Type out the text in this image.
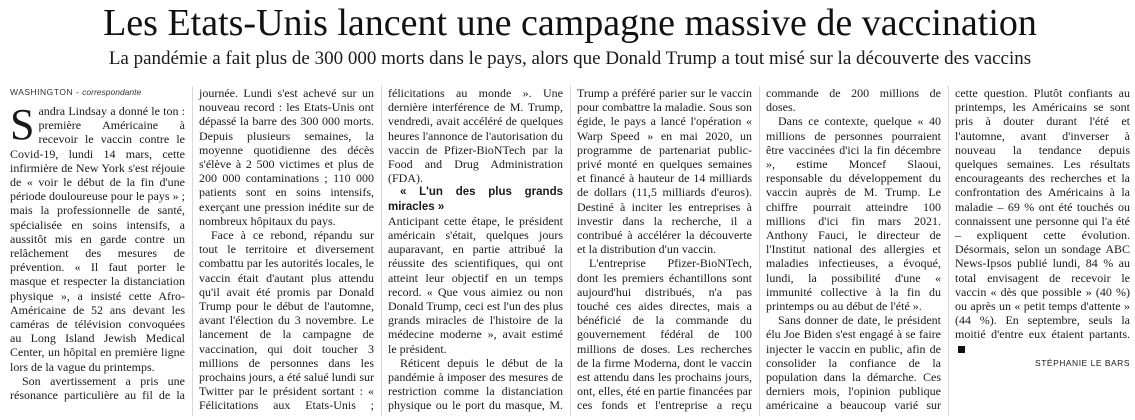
Les Etats-Unis lancent une campagne massive de vaccination
La pandémie a fait plus de 300 000 morts dans le pays, alors que Donald Trump a tout misé sur la découverte des vaccins
WASHINGTON - correspondante

Sandra Lindsay a donné le ton : première Américaine à recevoir le vaccin contre le Covid-19, lundi 14 mars, cette infirmière de New York s'est réjouie de « voir le début de la fin d'une période douloureuse pour le pays » ; mais la professionnelle de santé, spécialisée en soins intensifs, a aussitôt mis en garde contre un relâchement des mesures de prévention. « Il faut porter le masque et respecter la distanciation physique », a insisté cette Afro-Américaine de 52 ans devant les caméras de télévision convoquées au Long Island Jewish Medical Center, un hôpital en première ligne lors de la vague du printemps.

Son avertissement a pris une résonance particulière au fil de la journée. Lundi s'est achevé sur un nouveau record : les Etats-Unis ont dépassé la barre des 300 000 morts. Depuis plusieurs semaines, la moyenne quotidienne des décès s'élève à 2 500 victimes et plus de 200 000 contaminations ; 110 000 patients sont en soins intensifs, exerçant une pression inédite sur de nombreux hôpitaux du pays.

Face à ce rebond, répandu sur tout le territoire et diversement combattu par les autorités locales, le vaccin était d'autant plus attendu qu'il avait été promis par Donald Trump pour le début de l'automne, avant l'élection du 3 novembre. Le lancement de la campagne de vaccination, qui doit toucher 3 millions de personnes dans les prochains jours, a été salué lundi sur Twitter par le président sortant : « Félicitations aux Etats-Unis ; félicitations au monde ». Une dernière interférence de M. Trump, vendredi, avait accéléré de quelques heures l'annonce de l'autorisation du vaccin de Pfizer-BioNTech par la Food and Drug Administration (FDA).

« L'un des plus grands miracles »

Anticipant cette étape, le président américain s'était, quelques jours auparavant, en partie attribué la réussite des scientifiques, qui ont atteint leur objectif en un temps record. « Que vous aimiez ou non Donald Trump, ceci est l'un des plus grands miracles de l'histoire de la médecine moderne », avait estimé le président.

Réticent depuis le début de la pandémie à imposer des mesures de restriction comme la distanciation physique ou le port du masque, M. Trump a préféré parier sur le vaccin pour combattre la maladie. Sous son égide, le pays a lancé l'opération « Warp Speed » en mai 2020, un programme de partenariat public-privé monté en quelques semaines et financé à hauteur de 14 milliards de dollars (11,5 milliards d'euros). Destiné à inciter les entreprises à investir dans la recherche, il a contribué à accélérer la découverte et la distribution d'un vaccin.

L'entreprise Pfizer-BioNTech, dont les premiers échantillons sont aujourd'hui distribués, n'a pas touché ces aides directes, mais a bénéficié de la commande du gouvernement fédéral de 100 millions de doses. Les recherches de la firme Moderna, dont le vaccin est attendu dans les prochains jours, ont, elles, été en partie financées par ces fonds et l'entreprise a reçu commande de 200 millions de doses.

Dans ce contexte, quelque « 40 millions de personnes pourraient être vaccinées d'ici la fin décembre », estime Moncef Slaoui, responsable du développement du vaccin auprès de M. Trump. Le chiffre pourrait atteindre 100 millions d'ici fin mars 2021. Anthony Fauci, le directeur de l'Institut national des allergies et maladies infectieuses, a évoqué, lundi, la possibilité d'une « immunité collective à la fin du printemps ou au début de l'été ».

Sans donner de date, le président élu Joe Biden s'est engagé à se faire injecter le vaccin en public, afin de consolider la confiance de la population dans la démarche. Ces derniers mois, l'opinion publique américaine a beaucoup varié sur cette question. Plutôt confiants au printemps, les Américains se sont pris à douter durant l'été et l'automne, avant d'inverser à nouveau la tendance depuis quelques semaines. Les résultats encourageants des recherches et la confrontation des Américains à la maladie – 69 % ont été touchés ou connaissent une personne qui l'a été – expliquent cette évolution. Désormais, selon un sondage ABC News-Ipsos publié lundi, 84 % au total envisagent de recevoir le vaccin « dès que possible » (40 %) ou après un « petit temps d'attente » (44 %). En septembre, seuls la moitié d'entre eux étaient partants.

STÉPHANIE LE BARS
